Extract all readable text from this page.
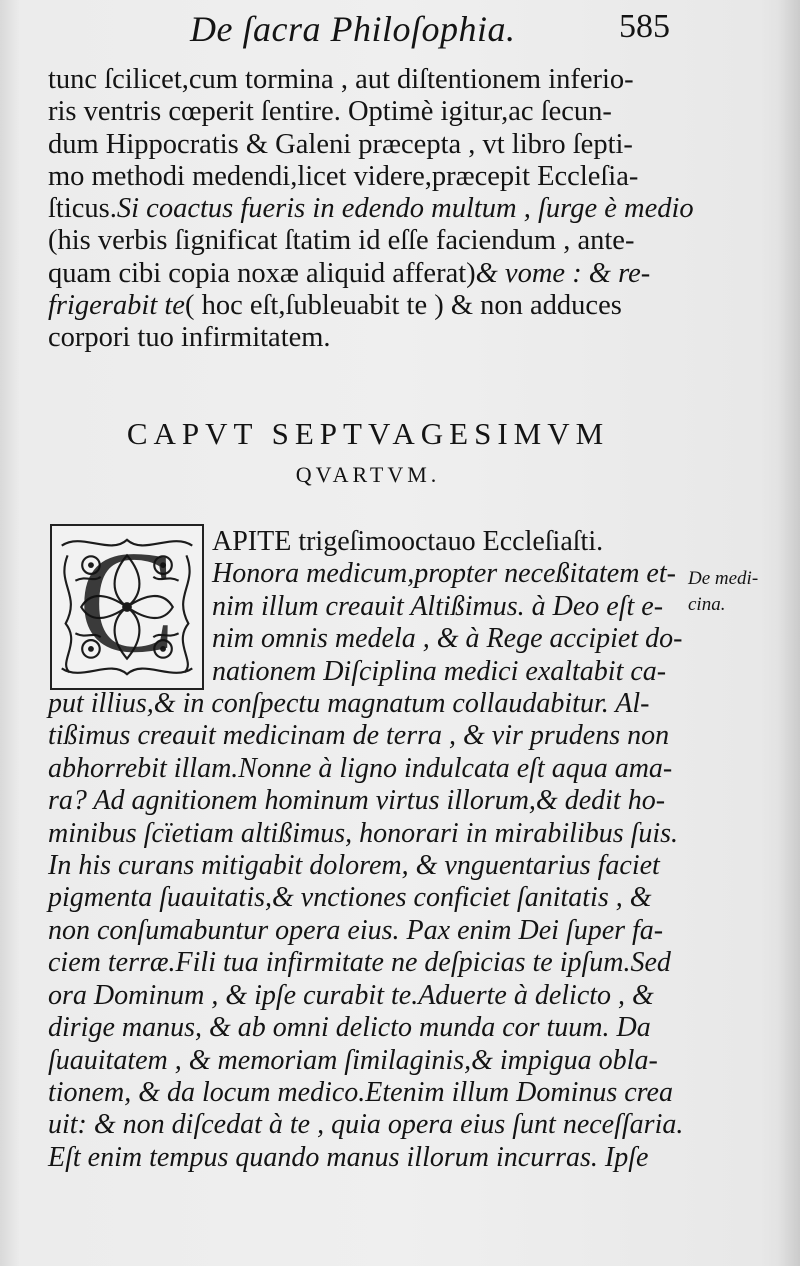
De ſacra Philoſophia.	585
tunc ſcilicet,cum tormina , aut diſtentionem inferio-
ris ventris cœperit ſentire. Optimè igitur,ac ſecun-
dum Hippocratis & Galeni præcepta , vt libro ſepti-
mo methodi medendi,licet videre,præcepit Eccleſia-
ſticus.Si coactus fueris in edendo multum , ſurge è medio
(his verbis ſignificat ſtatim id eſſe faciendum , ante-
quam cibi copia noxæ aliquid afferat)& vome : & re-
frigerabit te( hoc eſt,ſubleuabit te ) & non adduces
corpori tuo infirmitatem.
CAPVT SEPTVAGESIMVM
QVARTVM.
C	APITE trigeſimooctauo Eccleſiaſti.
Honora medicum,propter neceßitatem et-
nim illum creauit Altißimus. à Deo eſt e-
nim omnis medela , & à Rege accipiet do-
nationem Diſciplina medici exaltabit ca-
put illius,& in conſpectu magnatum collaudabitur. Al-
tißimus creauit medicinam de terra , & vir prudens non
abhorrebit illam.Nonne à ligno indulcata eſt aqua ama-
ra? Ad agnitionem hominum virtus illorum,& dedit ho-
minibus ſcïetiam altißimus, honorari in mirabilibus ſuis.
In his curans mitigabit dolorem, & vnguentarius faciet
pigmenta ſuauitatis,& vnctiones conficiet ſanitatis , &
non conſumabuntur opera eius. Pax enim Dei ſuper fa-
ciem terræ.Fili tua infirmitate ne deſpicias te ipſum.Sed
ora Dominum , & ipſe curabit te.Aduerte à delicto , &
dirige manus, & ab omni delicto munda cor tuum. Da
ſuauitatem , & memoriam ſimilaginis,& impigua obla-
tionem, & da locum medico.Etenim illum Dominus crea
uit: & non diſcedat à te , quia opera eius ſunt neceſſaria.
Eſt enim tempus quando manus illorum incurras. Ipſe
De medi-
cina.
